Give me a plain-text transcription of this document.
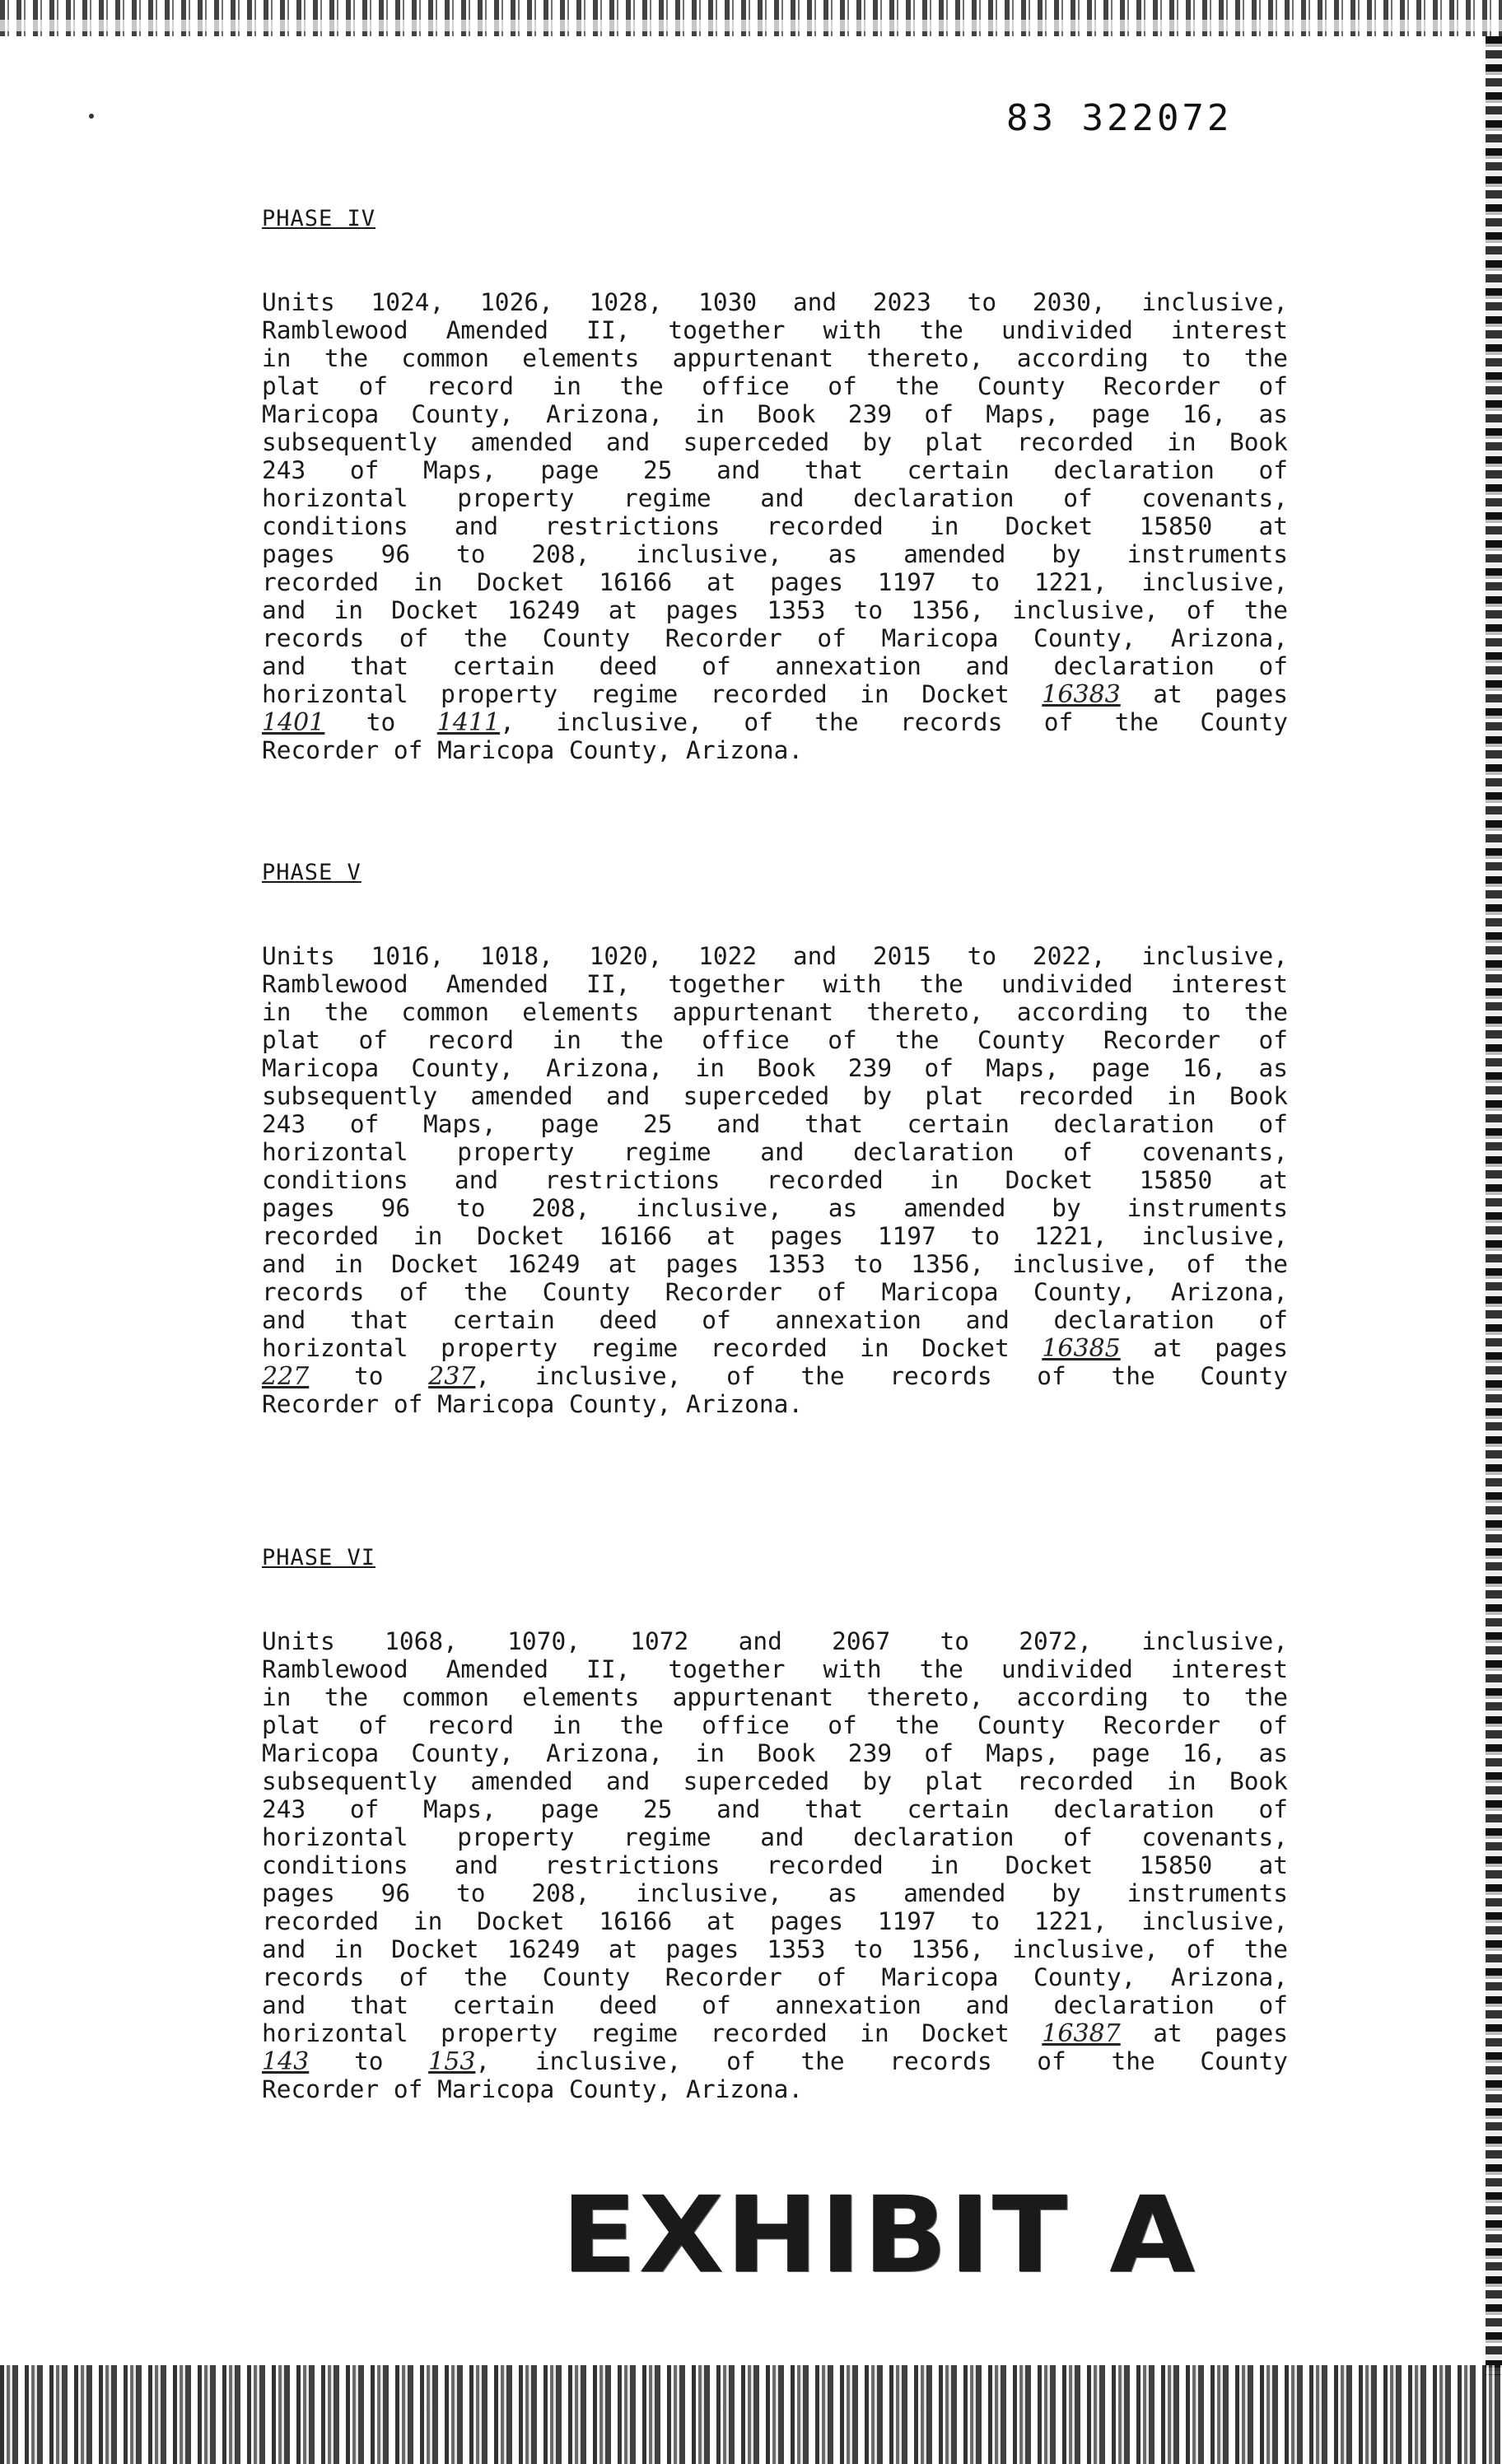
83 322072
PHASE IV
Units 1024, 1026, 1028, 1030 and 2023 to 2030, inclusive,
Ramblewood Amended II, together with the undivided interest
in the common elements appurtenant thereto, according to the
plat of record in the office of the County Recorder of
Maricopa County, Arizona, in Book 239 of Maps, page 16, as
subsequently amended and superceded by plat recorded in Book
243 of Maps, page 25 and that certain declaration of
horizontal property regime and declaration of covenants,
conditions and restrictions recorded in Docket 15850 at
pages 96 to 208, inclusive, as amended by instruments
recorded in Docket 16166 at pages 1197 to 1221, inclusive,
and in Docket 16249 at pages 1353 to 1356, inclusive, of the
records of the County Recorder of Maricopa County, Arizona,
and that certain deed of annexation and declaration of
horizontal property regime recorded in Docket 16383 at pages
1401 to 1411, inclusive, of the records of the County
Recorder of Maricopa County, Arizona.
PHASE V
Units 1016, 1018, 1020, 1022 and 2015 to 2022, inclusive,
Ramblewood Amended II, together with the undivided interest
in the common elements appurtenant thereto, according to the
plat of record in the office of the County Recorder of
Maricopa County, Arizona, in Book 239 of Maps, page 16, as
subsequently amended and superceded by plat recorded in Book
243 of Maps, page 25 and that certain declaration of
horizontal property regime and declaration of covenants,
conditions and restrictions recorded in Docket 15850 at
pages 96 to 208, inclusive, as amended by instruments
recorded in Docket 16166 at pages 1197 to 1221, inclusive,
and in Docket 16249 at pages 1353 to 1356, inclusive, of the
records of the County Recorder of Maricopa County, Arizona,
and that certain deed of annexation and declaration of
horizontal property regime recorded in Docket 16385 at pages
227 to 237, inclusive, of the records of the County
Recorder of Maricopa County, Arizona.
PHASE VI
Units 1068, 1070, 1072 and 2067 to 2072, inclusive,
Ramblewood Amended II, together with the undivided interest
in the common elements appurtenant thereto, according to the
plat of record in the office of the County Recorder of
Maricopa County, Arizona, in Book 239 of Maps, page 16, as
subsequently amended and superceded by plat recorded in Book
243 of Maps, page 25 and that certain declaration of
horizontal property regime and declaration of covenants,
conditions and restrictions recorded in Docket 15850 at
pages 96 to 208, inclusive, as amended by instruments
recorded in Docket 16166 at pages 1197 to 1221, inclusive,
and in Docket 16249 at pages 1353 to 1356, inclusive, of the
records of the County Recorder of Maricopa County, Arizona,
and that certain deed of annexation and declaration of
horizontal property regime recorded in Docket 16387 at pages
143 to 153, inclusive, of the records of the County
Recorder of Maricopa County, Arizona.
EXHIBIT A
